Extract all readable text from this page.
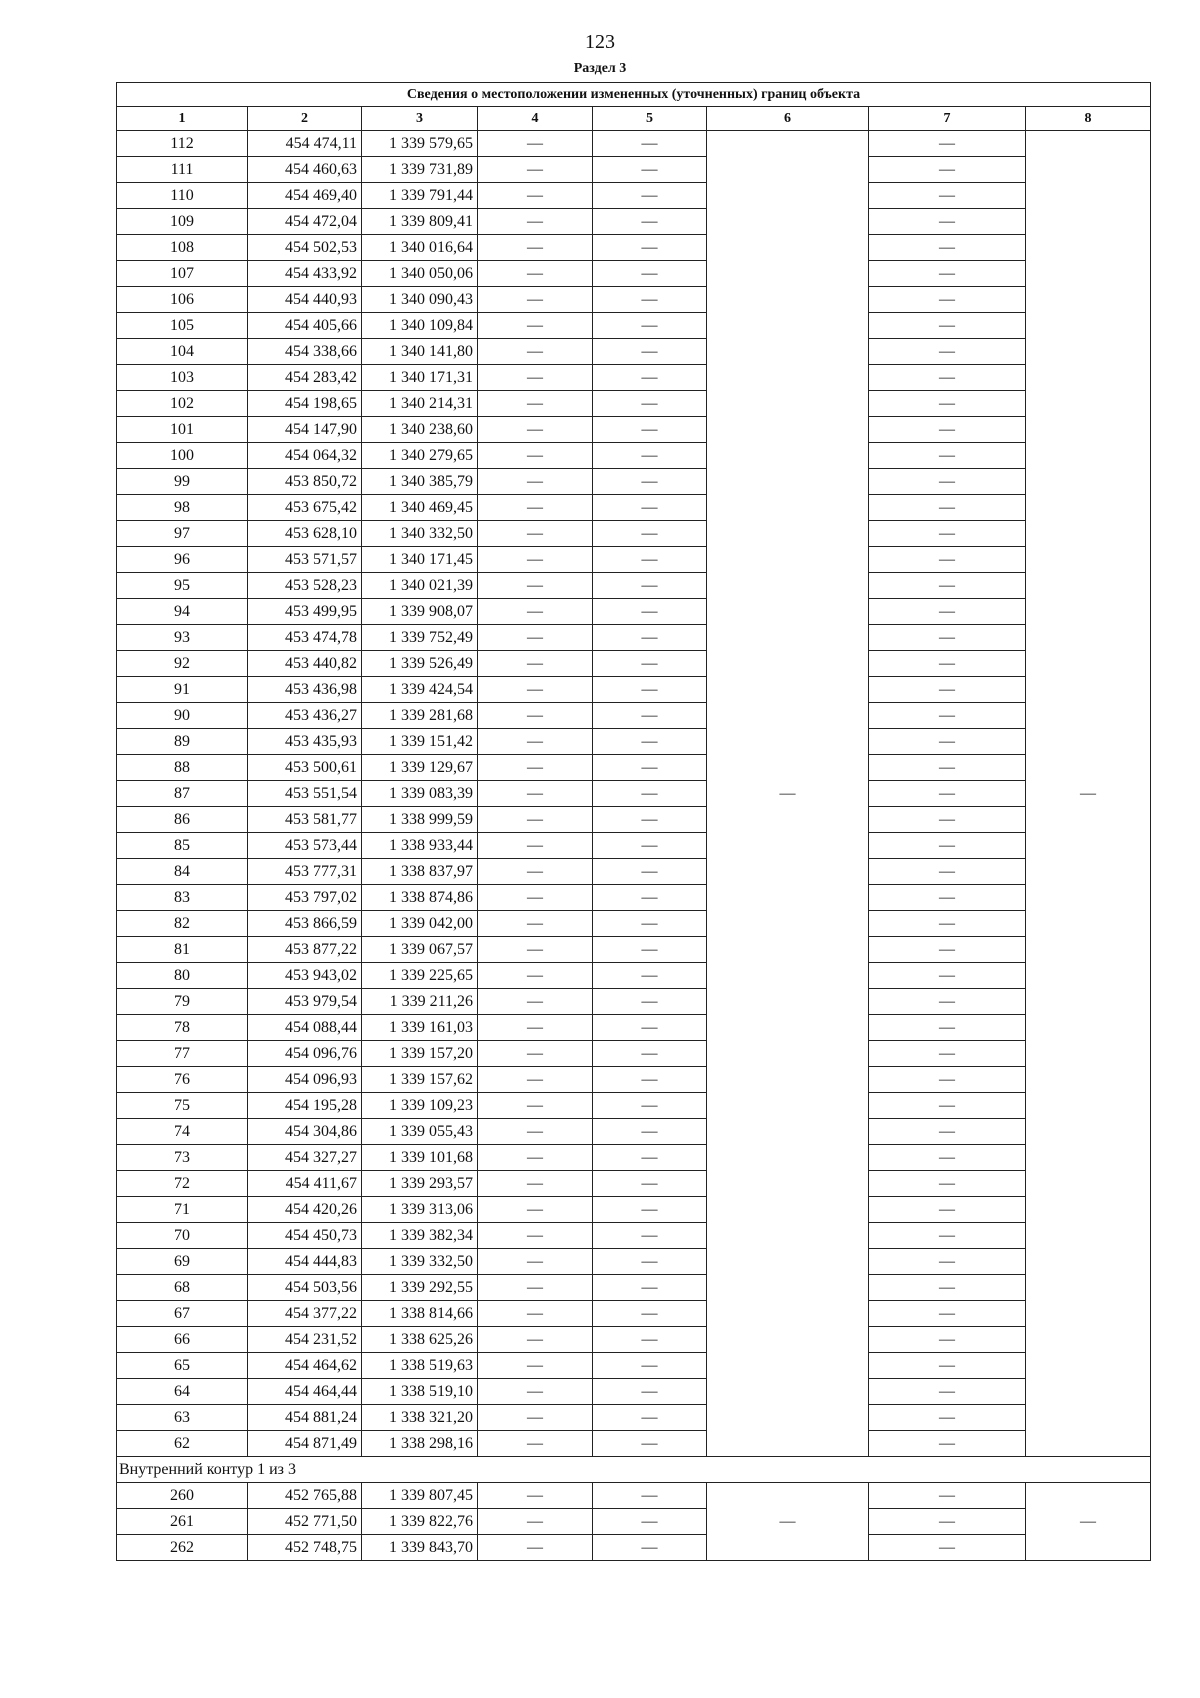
123
Раздел 3
Сведения о местоположении измененных (уточненных) границ объекта							
1	2	3	4	5	6	7	8
112	454 474,11	1 339 579,65	—	—	—	—	—
111	454 460,63	1 339 731,89	—	—		—	
110	454 469,40	1 339 791,44	—	—		—	
109	454 472,04	1 339 809,41	—	—		—	
108	454 502,53	1 340 016,64	—	—		—	
107	454 433,92	1 340 050,06	—	—		—	
106	454 440,93	1 340 090,43	—	—		—	
105	454 405,66	1 340 109,84	—	—		—	
104	454 338,66	1 340 141,80	—	—		—	
103	454 283,42	1 340 171,31	—	—		—	
102	454 198,65	1 340 214,31	—	—		—	
101	454 147,90	1 340 238,60	—	—		—	
100	454 064,32	1 340 279,65	—	—		—	
99	453 850,72	1 340 385,79	—	—		—	
98	453 675,42	1 340 469,45	—	—		—	
97	453 628,10	1 340 332,50	—	—		—	
96	453 571,57	1 340 171,45	—	—		—	
95	453 528,23	1 340 021,39	—	—		—	
94	453 499,95	1 339 908,07	—	—		—	
93	453 474,78	1 339 752,49	—	—		—	
92	453 440,82	1 339 526,49	—	—		—	
91	453 436,98	1 339 424,54	—	—		—	
90	453 436,27	1 339 281,68	—	—		—	
89	453 435,93	1 339 151,42	—	—		—	
88	453 500,61	1 339 129,67	—	—		—	
87	453 551,54	1 339 083,39	—	—		—	
86	453 581,77	1 338 999,59	—	—		—	
85	453 573,44	1 338 933,44	—	—		—	
84	453 777,31	1 338 837,97	—	—		—	
83	453 797,02	1 338 874,86	—	—		—	
82	453 866,59	1 339 042,00	—	—		—	
81	453 877,22	1 339 067,57	—	—		—	
80	453 943,02	1 339 225,65	—	—		—	
79	453 979,54	1 339 211,26	—	—		—	
78	454 088,44	1 339 161,03	—	—		—	
77	454 096,76	1 339 157,20	—	—		—	
76	454 096,93	1 339 157,62	—	—		—	
75	454 195,28	1 339 109,23	—	—		—	
74	454 304,86	1 339 055,43	—	—		—	
73	454 327,27	1 339 101,68	—	—		—	
72	454 411,67	1 339 293,57	—	—		—	
71	454 420,26	1 339 313,06	—	—		—	
70	454 450,73	1 339 382,34	—	—		—	
69	454 444,83	1 339 332,50	—	—		—	
68	454 503,56	1 339 292,55	—	—		—	
67	454 377,22	1 338 814,66	—	—		—	
66	454 231,52	1 338 625,26	—	—		—	
65	454 464,62	1 338 519,63	—	—		—	
64	454 464,44	1 338 519,10	—	—		—	
63	454 881,24	1 338 321,20	—	—		—	
62	454 871,49	1 338 298,16	—	—		—	
Внутренний контур 1 из 3							
260	452 765,88	1 339 807,45	—	—	—	—	—
261	452 771,50	1 339 822,76	—	—		—	
262	452 748,75	1 339 843,70	—	—		—	
